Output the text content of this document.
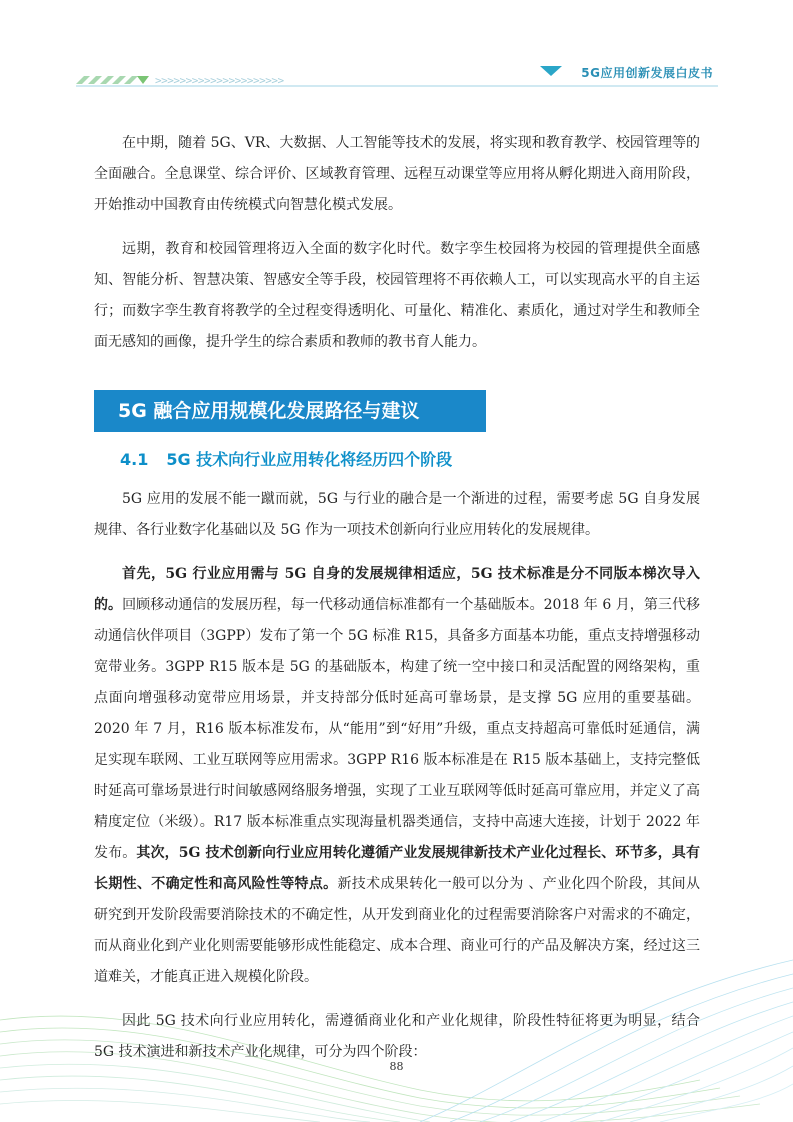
>>>>>>>>>>>>>>>>>>>>>
5G应用创新发展白皮书

在中期，随着 5G、VR、大数据、人工智能等技术的发展，将实现和教育教学、校园管理等的全面融合。全息课堂、综合评价、区域教育管理、远程互动课堂等应用将从孵化期进入商用阶段，开始推动中国教育由传统模式向智慧化模式发展。

远期，教育和校园管理将迈入全面的数字化时代。数字孪生校园将为校园的管理提供全面感知、智能分析、智慧决策、智感安全等手段，校园管理将不再依赖人工，可以实现高水平的自主运行；而数字孪生教育将教学的全过程变得透明化、可量化、精准化、素质化，通过对学生和教师全面无感知的画像，提升学生的综合素质和教师的教书育人能力。

5G 融合应用规模化发展路径与建议
4.1 5G 技术向行业应用转化将经历四个阶段

5G 应用的发展不能一蹴而就，5G 与行业的融合是一个渐进的过程，需要考虑 5G 自身发展规律、各行业数字化基础以及 5G 作为一项技术创新向行业应用转化的发展规律。

首先，5G 行业应用需与 5G 自身的发展规律相适应，5G 技术标准是分不同版本梯次导入的。回顾移动通信的发展历程，每一代移动通信标准都有一个基础版本。2018 年 6 月，第三代移动通信伙伴项目（3GPP）发布了第一个 5G 标准 R15，具备多方面基本功能，重点支持增强移动宽带业务。3GPP R15 版本是 5G 的基础版本，构建了统一空中接口和灵活配置的网络架构，重点面向增强移动宽带应用场景，并支持部分低时延高可靠场景，是支撑 5G 应用的重要基础。2020 年 7 月，R16 版本标准发布，从“能用”到“好用”升级，重点支持超高可靠低时延通信，满足实现车联网、工业互联网等应用需求。3GPP R16 版本标准是在 R15 版本基础上，支持完整低时延高可靠场景进行时间敏感网络服务增强，实现了工业互联网等低时延高可靠应用，并定义了高精度定位（米级）。R17 版本标准重点实现海量机器类通信，支持中高速大连接，计划于 2022 年发布。其次，5G 技术创新向行业应用转化遵循产业发展规律新技术产业化过程长、环节多，具有长期性、不确定性和高风险性等特点。新技术成果转化一般可以分为 、产业化四个阶段，其间从研究到开发阶段需要消除技术的不确定性，从开发到商业化的过程需要消除客户对需求的不确定，而从商业化到产业化则需要能够形成性能稳定、成本合理、商业可行的产品及解决方案，经过这三道难关，才能真正进入规模化阶段。

因此 5G 技术向行业应用转化，需遵循商业化和产业化规律，阶段性特征将更为明显，结合 5G 技术演进和新技术产业化规律，可分为四个阶段：

88
